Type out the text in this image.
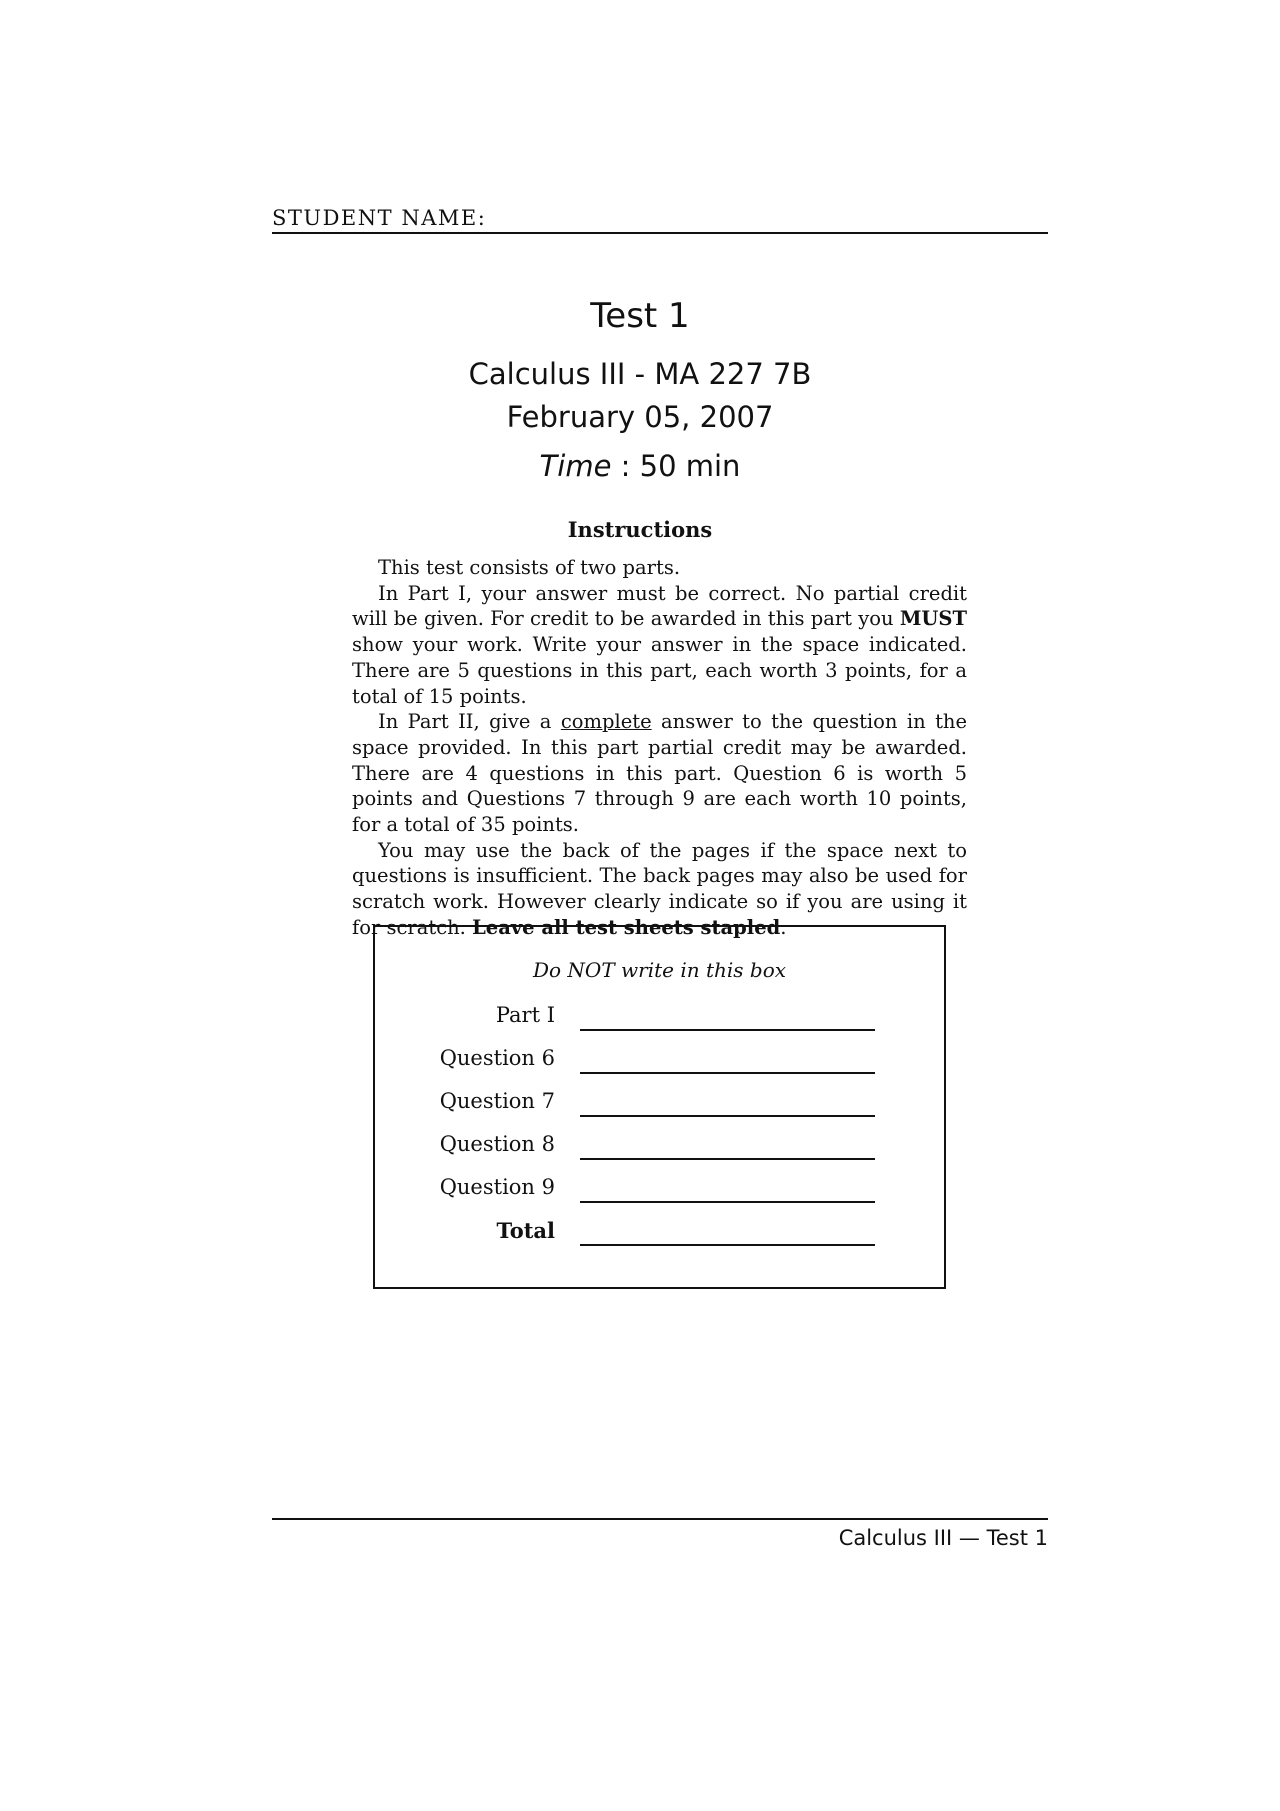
STUDENT NAME:
Test 1
Calculus III - MA 227 7B
February 05, 2007
Time : 50 min
Instructions

This test consists of two parts.

In Part I, your answer must be correct. No partial credit will be given. For credit to be awarded in this part you MUST show your work. Write your answer in the space indicated. There are 5 questions in this part, each worth 3 points, for a total of 15 points.

In Part II, give a complete answer to the question in the space provided. In this part partial credit may be awarded. There are 4 questions in this part. Question 6 is worth 5 points and Questions 7 through 9 are each worth 10 points, for a total of 35 points.

You may use the back of the pages if the space next to questions is insufficient. The back pages may also be used for scratch work. However clearly indicate so if you are using it for scratch. Leave all test sheets stapled.

Do NOT write in this box
Part I
Question 6
Question 7
Question 8
Question 9
Total
Calculus III — Test 1
